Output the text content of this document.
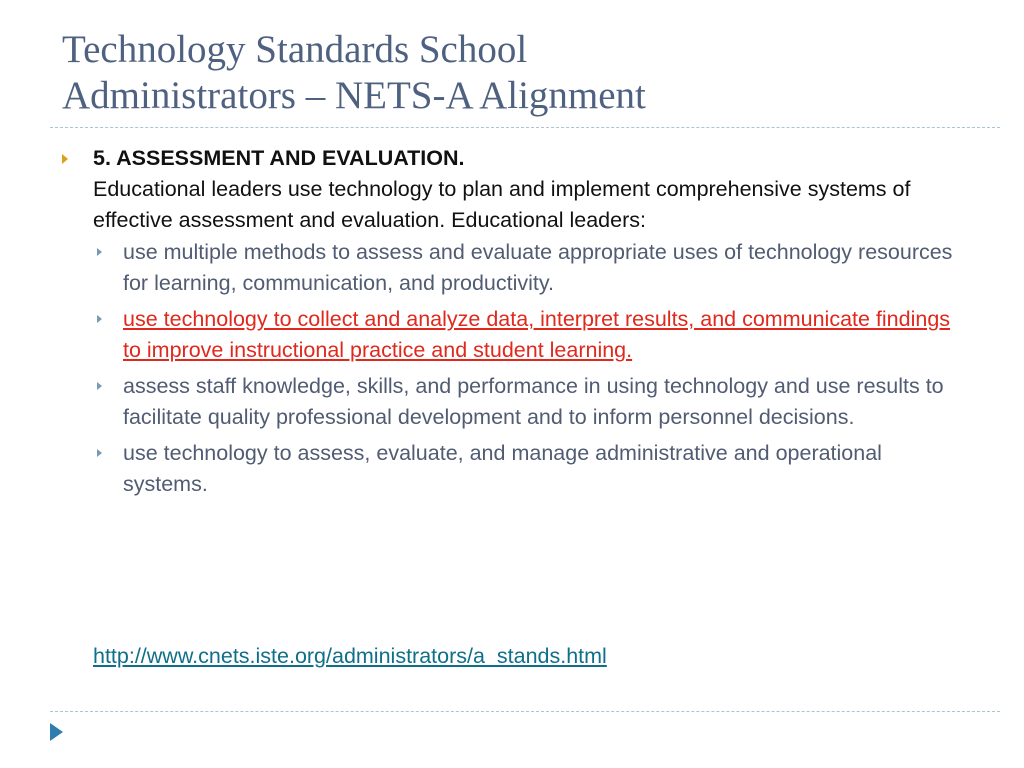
Technology Standards School
Administrators – NETS-A Alignment
5. ASSESSMENT AND EVALUATION.
Educational leaders use technology to plan and implement comprehensive systems of effective assessment and evaluation. Educational leaders:
use multiple methods to assess and evaluate appropriate uses of technology resources for learning, communication, and productivity.
use technology to collect and analyze data, interpret results, and communicate findings to improve instructional practice and student learning.
assess staff knowledge, skills, and performance in using technology and use results to facilitate quality professional development and to inform personnel decisions.
use technology to assess, evaluate, and manage administrative and operational systems.
http://www.cnets.iste.org/administrators/a_stands.html
